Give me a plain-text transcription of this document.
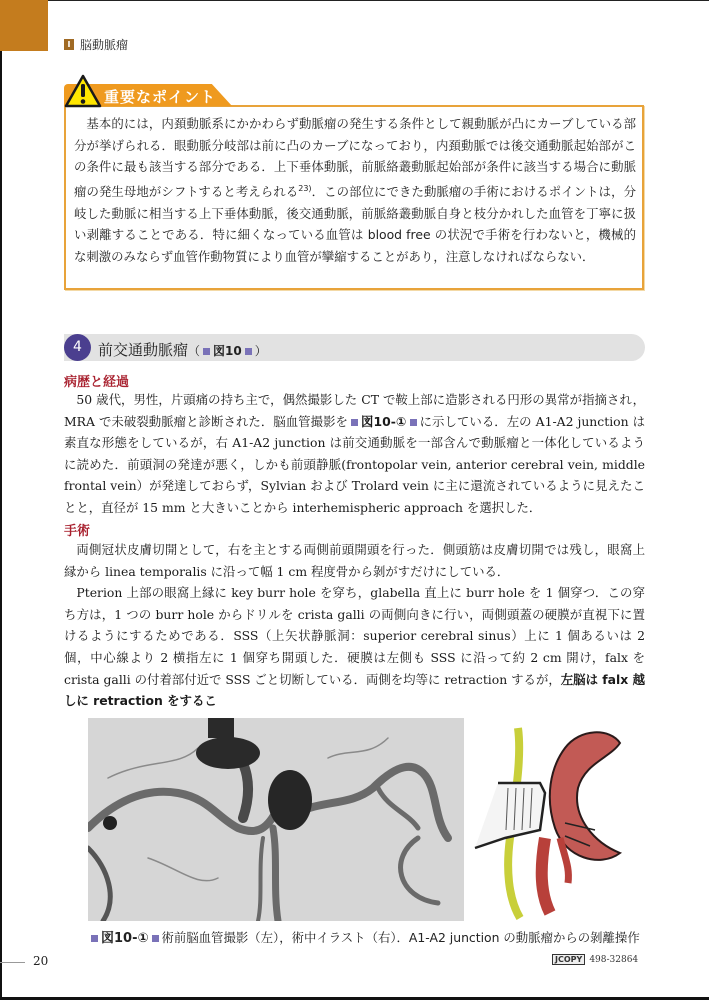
I 脳動脈瘤
重要なポイント

基本的には，内頚動脈系にかかわらず動脈瘤の発生する条件として親動脈が凸にカーブしている部分が挙げられる．眼動脈分岐部は前に凸のカーブになっており，内頚動脈では後交通動脈起始部がこの条件に最も該当する部分である．上下垂体動脈，前脈絡叢動脈起始部が条件に該当する場合に動脈瘤の発生母地がシフトすると考えられる$^{23)}$．この部位にできた動脈瘤の手術におけるポイントは，分岐した動脈に相当する上下垂体動脈，後交通動脈，前脈絡叢動脈自身と枝分かれした血管を丁寧に扱い剥離することである．特に細くなっている血管は blood free の状況で手術を行わないと，機械的な刺激のみならず血管作動物質により血管が攣縮することがあり，注意しなければならない．

4	前交通動脈瘤（ 図10 ）
病歴と経過

50 歳代，男性，片頭痛の持ち主で，偶然撮影した CT で鞍上部に造影される円形の異常が指摘され，MRA で未破裂動脈瘤と診断された．脳血管撮影を 図10-① に示している．左の A1-A2 junction は素直な形態をしているが，右 A1-A2 junction は前交通動脈を一部含んで動脈瘤と一体化しているように読めた．前頭洞の発達が悪く，しかも前頭静脈(frontopolar vein, anterior cerebral vein, middle frontal vein）が発達しておらず，Sylvian および Trolard vein に主に還流されているように見えたことと，直径が 15 mm と大きいことから interhemispheric approach を選択した．

手術

両側冠状皮膚切開として，右を主とする両側前頭開頭を行った．側頭筋は皮膚切開では残し，眼窩上縁から linea temporalis に沿って幅 1 cm 程度骨から剝がすだけにしている．

Pterion 上部の眼窩上縁に key burr hole を穿ち，glabella 直上に burr hole を 1 個穿つ．この穿ち方は，1 つの burr hole からドリルを crista galli の両側向きに行い，両側頭蓋の硬膜が直視下に置けるようにするためである．SSS（上矢状静脈洞：superior cerebral sinus）上に 1 個あるいは 2 個，中心線より 2 横指左に 1 個穿ち開頭した．硬膜は左側も SSS に沿って約 2 cm 開け，falx を crista galli の付着部付近で SSS ごと切断している．両側を均等に retraction するが，左脳は falx 越しに retraction をするこ

図10-① 術前脳血管撮影（左），術中イラスト（右）．A1-A2 junction の動脈瘤からの剝離操作
20	JCOPY 498-32864
